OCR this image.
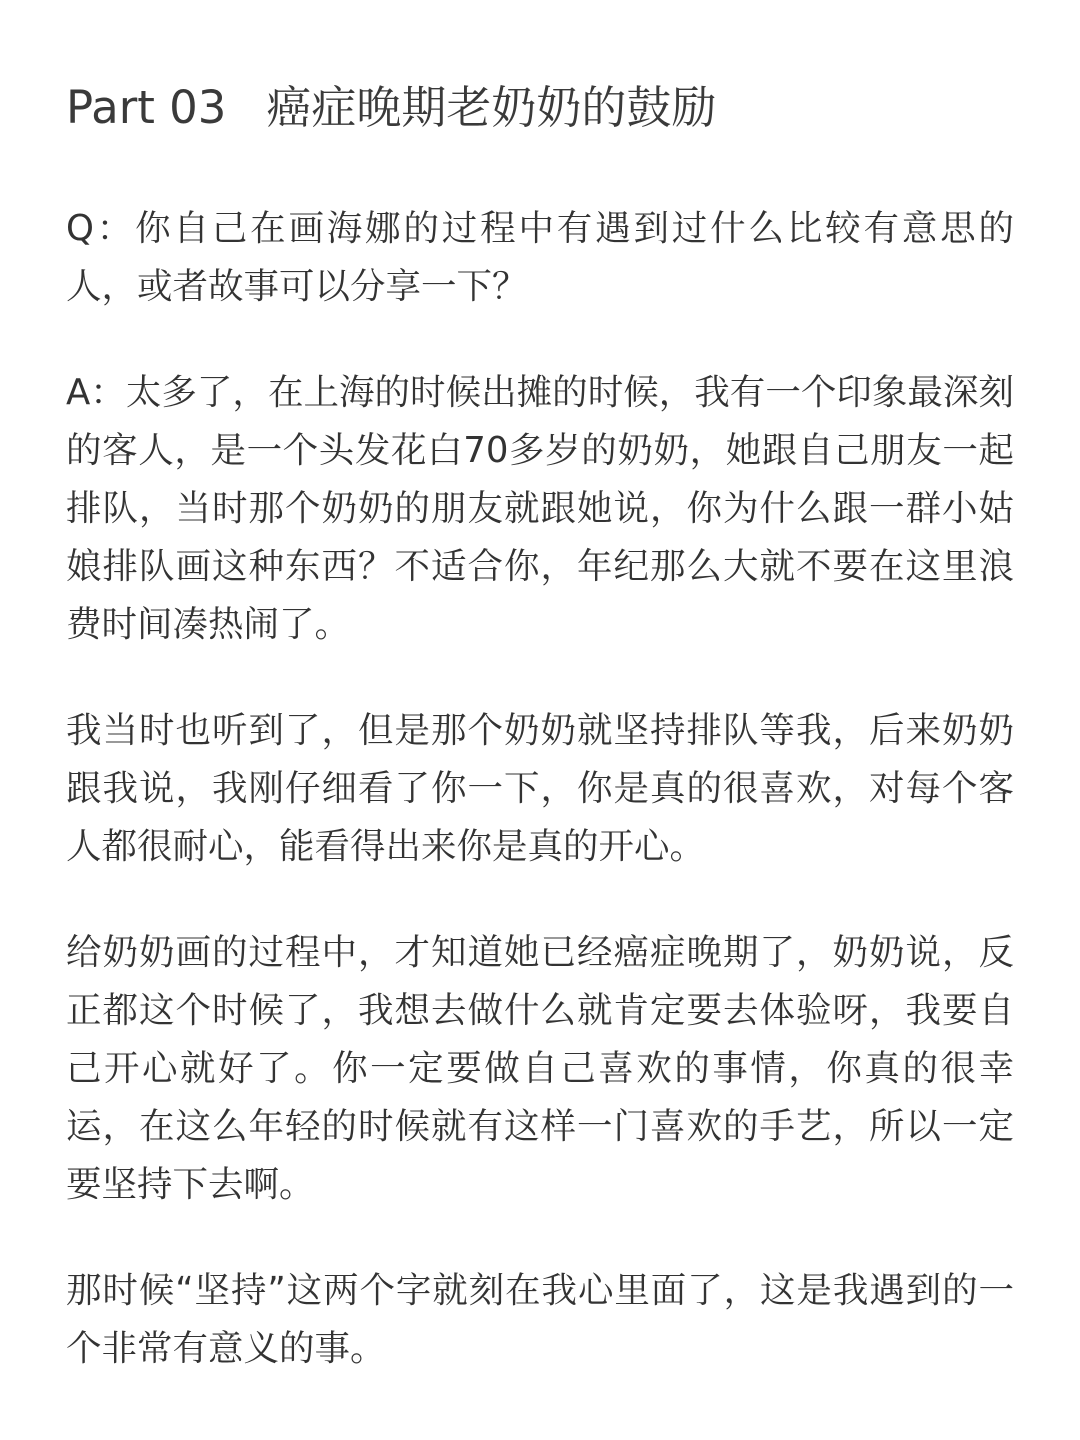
Part 03 癌症晚期老奶奶的鼓励

Q：你自己在画海娜的过程中有遇到过什么比较有意思的人，或者故事可以分享一下？

A：太多了，在上海的时候出摊的时候，我有一个印象最深刻的客人，是一个头发花白70多岁的奶奶，她跟自己朋友一起排队，当时那个奶奶的朋友就跟她说，你为什么跟一群小姑娘排队画这种东西？不适合你，年纪那么大就不要在这里浪费时间凑热闹了。

我当时也听到了，但是那个奶奶就坚持排队等我，后来奶奶跟我说，我刚仔细看了你一下，你是真的很喜欢，对每个客人都很耐心，能看得出来你是真的开心。

给奶奶画的过程中，才知道她已经癌症晚期了，奶奶说，反正都这个时候了，我想去做什么就肯定要去体验呀，我要自己开心就好了。你一定要做自己喜欢的事情，你真的很幸运，在这么年轻的时候就有这样一门喜欢的手艺，所以一定要坚持下去啊。

那时候“坚持”这两个字就刻在我心里面了，这是我遇到的一个非常有意义的事。
